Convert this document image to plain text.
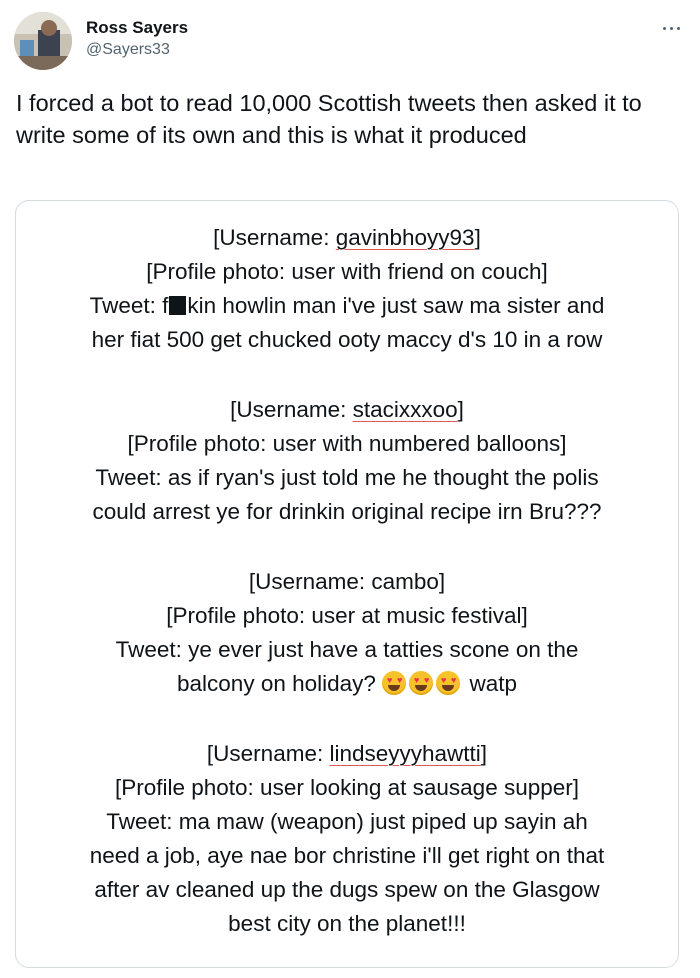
Ross Sayers
@Sayers33
I forced a bot to read 10,000 Scottish tweets then asked it to write some of its own and this is what it produced
[Username: gavinbhoyy93]
[Profile photo: user with friend on couch]
Tweet: f kin howlin man i've just saw ma sister and
her fiat 500 get chucked ooty maccy d's 10 in a row
[Username: stacixxxoo]
[Profile photo: user with numbered balloons]
Tweet: as if ryan's just told me he thought the polis
could arrest ye for drinkin original recipe irn Bru???
[Username: cambo]
[Profile photo: user at music festival]
Tweet: ye ever just have a tatties scone on the
balcony on holiday? ♥ ♥ ♥ ♥ ♥ ♥ watp
[Username: lindseyyyhawtti]
[Profile photo: user looking at sausage supper]
Tweet: ma maw (weapon) just piped up sayin ah
need a job, aye nae bor christine i'll get right on that
after av cleaned up the dugs spew on the Glasgow
best city on the planet!!!
